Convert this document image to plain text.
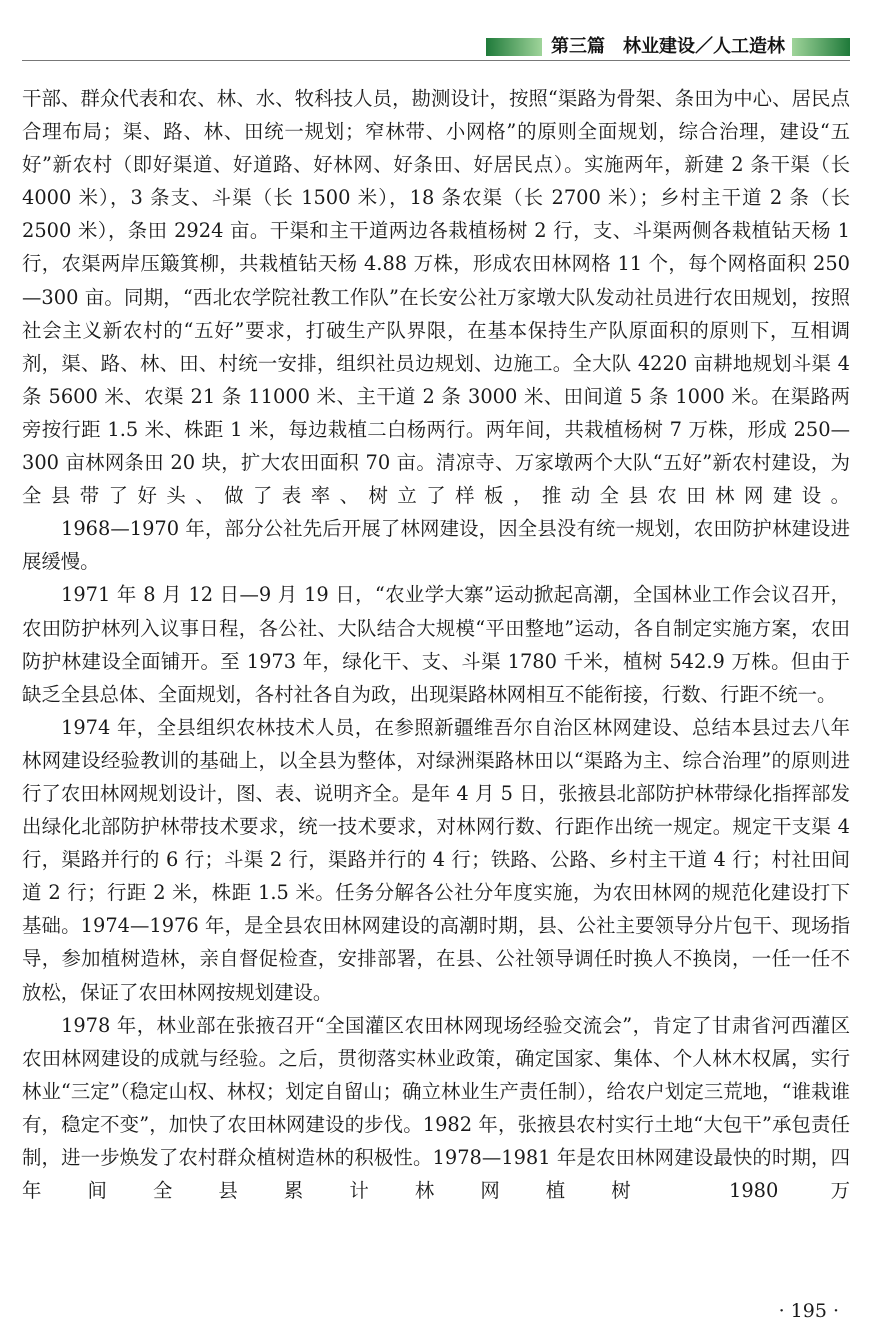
第三篇　林业建设／人工造林

干部、群众代表和农、林、水、牧科技人员，勘测设计，按照“渠路为骨架、条田为中心、居民点合理布局；渠、路、林、田统一规划；窄林带、小网格”的原则全面规划，综合治理，建设“五好”新农村（即好渠道、好道路、好林网、好条田、好居民点）。实施两年，新建 2 条干渠（长 4000 米），3 条支、斗渠（长 1500 米），18 条农渠（长 2700 米）；乡村主干道 2 条（长 2500 米），条田 2924 亩。干渠和主干道两边各栽植杨树 2 行，支、斗渠两侧各栽植钻天杨 1 行，农渠两岸压簸箕柳，共栽植钻天杨 4.88 万株，形成农田林网格 11 个，每个网格面积 250—300 亩。同期，“西北农学院社教工作队”在长安公社万家墩大队发动社员进行农田规划，按照社会主义新农村的“五好”要求，打破生产队界限，在基本保持生产队原面积的原则下，互相调剂，渠、路、林、田、村统一安排，组织社员边规划、边施工。全大队 4220 亩耕地规划斗渠 4 条 5600 米、农渠 21 条 11000 米、主干道 2 条 3000 米、田间道 5 条 1000 米。在渠路两旁按行距 1.5 米、株距 1 米，每边栽植二白杨两行。两年间，共栽植杨树 7 万株，形成 250—300 亩林网条田 20 块，扩大农田面积 70 亩。清凉寺、万家墩两个大队“五好”新农村建设，为全县带了好头、做了表率、树立了样板，推动全县农田林网建设。

1968—1970 年，部分公社先后开展了林网建设，因全县没有统一规划，农田防护林建设进展缓慢。

1971 年 8 月 12 日—9 月 19 日，“农业学大寨”运动掀起高潮，全国林业工作会议召开，农田防护林列入议事日程，各公社、大队结合大规模“平田整地”运动，各自制定实施方案，农田防护林建设全面铺开。至 1973 年，绿化干、支、斗渠 1780 千米，植树 542.9 万株。但由于缺乏全县总体、全面规划，各村社各自为政，出现渠路林网相互不能衔接，行数、行距不统一。

1974 年，全县组织农林技术人员，在参照新疆维吾尔自治区林网建设、总结本县过去八年林网建设经验教训的基础上，以全县为整体，对绿洲渠路林田以“渠路为主、综合治理”的原则进行了农田林网规划设计，图、表、说明齐全。是年 4 月 5 日，张掖县北部防护林带绿化指挥部发出绿化北部防护林带技术要求，统一技术要求，对林网行数、行距作出统一规定。规定干支渠 4 行，渠路并行的 6 行；斗渠 2 行，渠路并行的 4 行；铁路、公路、乡村主干道 4 行；村社田间道 2 行；行距 2 米，株距 1.5 米。任务分解各公社分年度实施，为农田林网的规范化建设打下基础。1974—1976 年，是全县农田林网建设的高潮时期，县、公社主要领导分片包干、现场指导，参加植树造林，亲自督促检查，安排部署，在县、公社领导调任时换人不换岗，一任一任不放松，保证了农田林网按规划建设。

1978 年，林业部在张掖召开“全国灌区农田林网现场经验交流会”，肯定了甘肃省河西灌区农田林网建设的成就与经验。之后，贯彻落实林业政策，确定国家、集体、个人林木权属，实行林业“三定”（稳定山权、林权；划定自留山；确立林业生产责任制），给农户划定三荒地，“谁栽谁有，稳定不变”，加快了农田林网建设的步伐。1982 年，张掖县农村实行土地“大包干”承包责任制，进一步焕发了农村群众植树造林的积极性。1978—1981 年是农田林网建设最快的时期，四年间全县累计林网植树 1980 万

· 195 ·
